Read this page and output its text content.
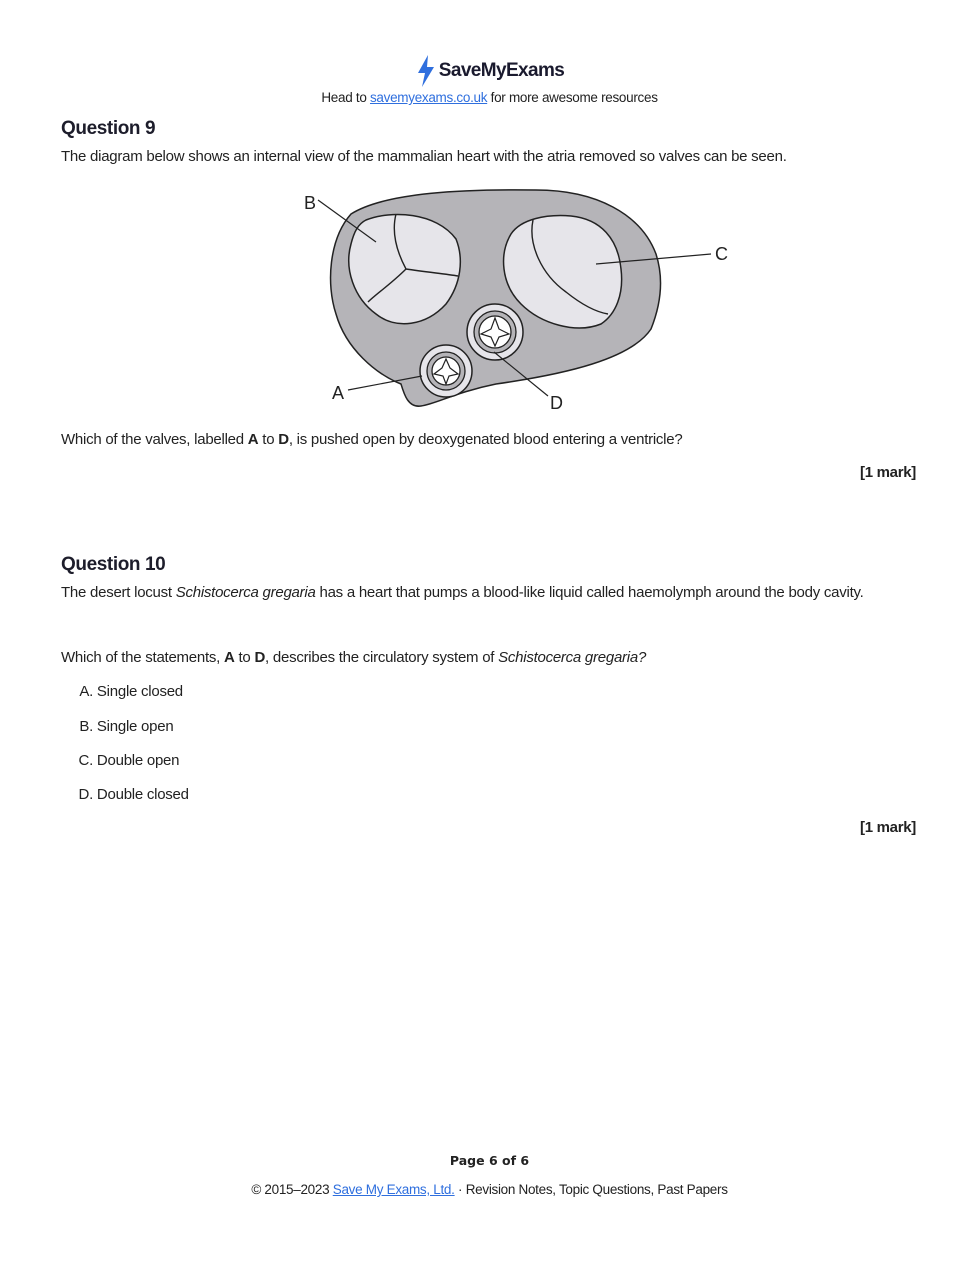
SaveMyExams
Head to savemyexams.co.uk for more awesome resources
Question 9
The diagram below shows an internal view of the mammalian heart with the atria removed so valves can be seen.
B
C
A	D
Which of the valves, labelled A to D, is pushed open by deoxygenated blood entering a ventricle?
[1 mark]
Question 10
The desert locust Schistocerca gregaria has a heart that pumps a blood-like liquid called haemolymph around the body cavity.
Which of the statements, A to D, describes the circulatory system of Schistocerca gregaria?
A. Single closed
B. Single open
C. Double open
D. Double closed
[1 mark]
Page 6 of 6
© 2015–2023 Save My Exams, Ltd. · Revision Notes, Topic Questions, Past Papers
